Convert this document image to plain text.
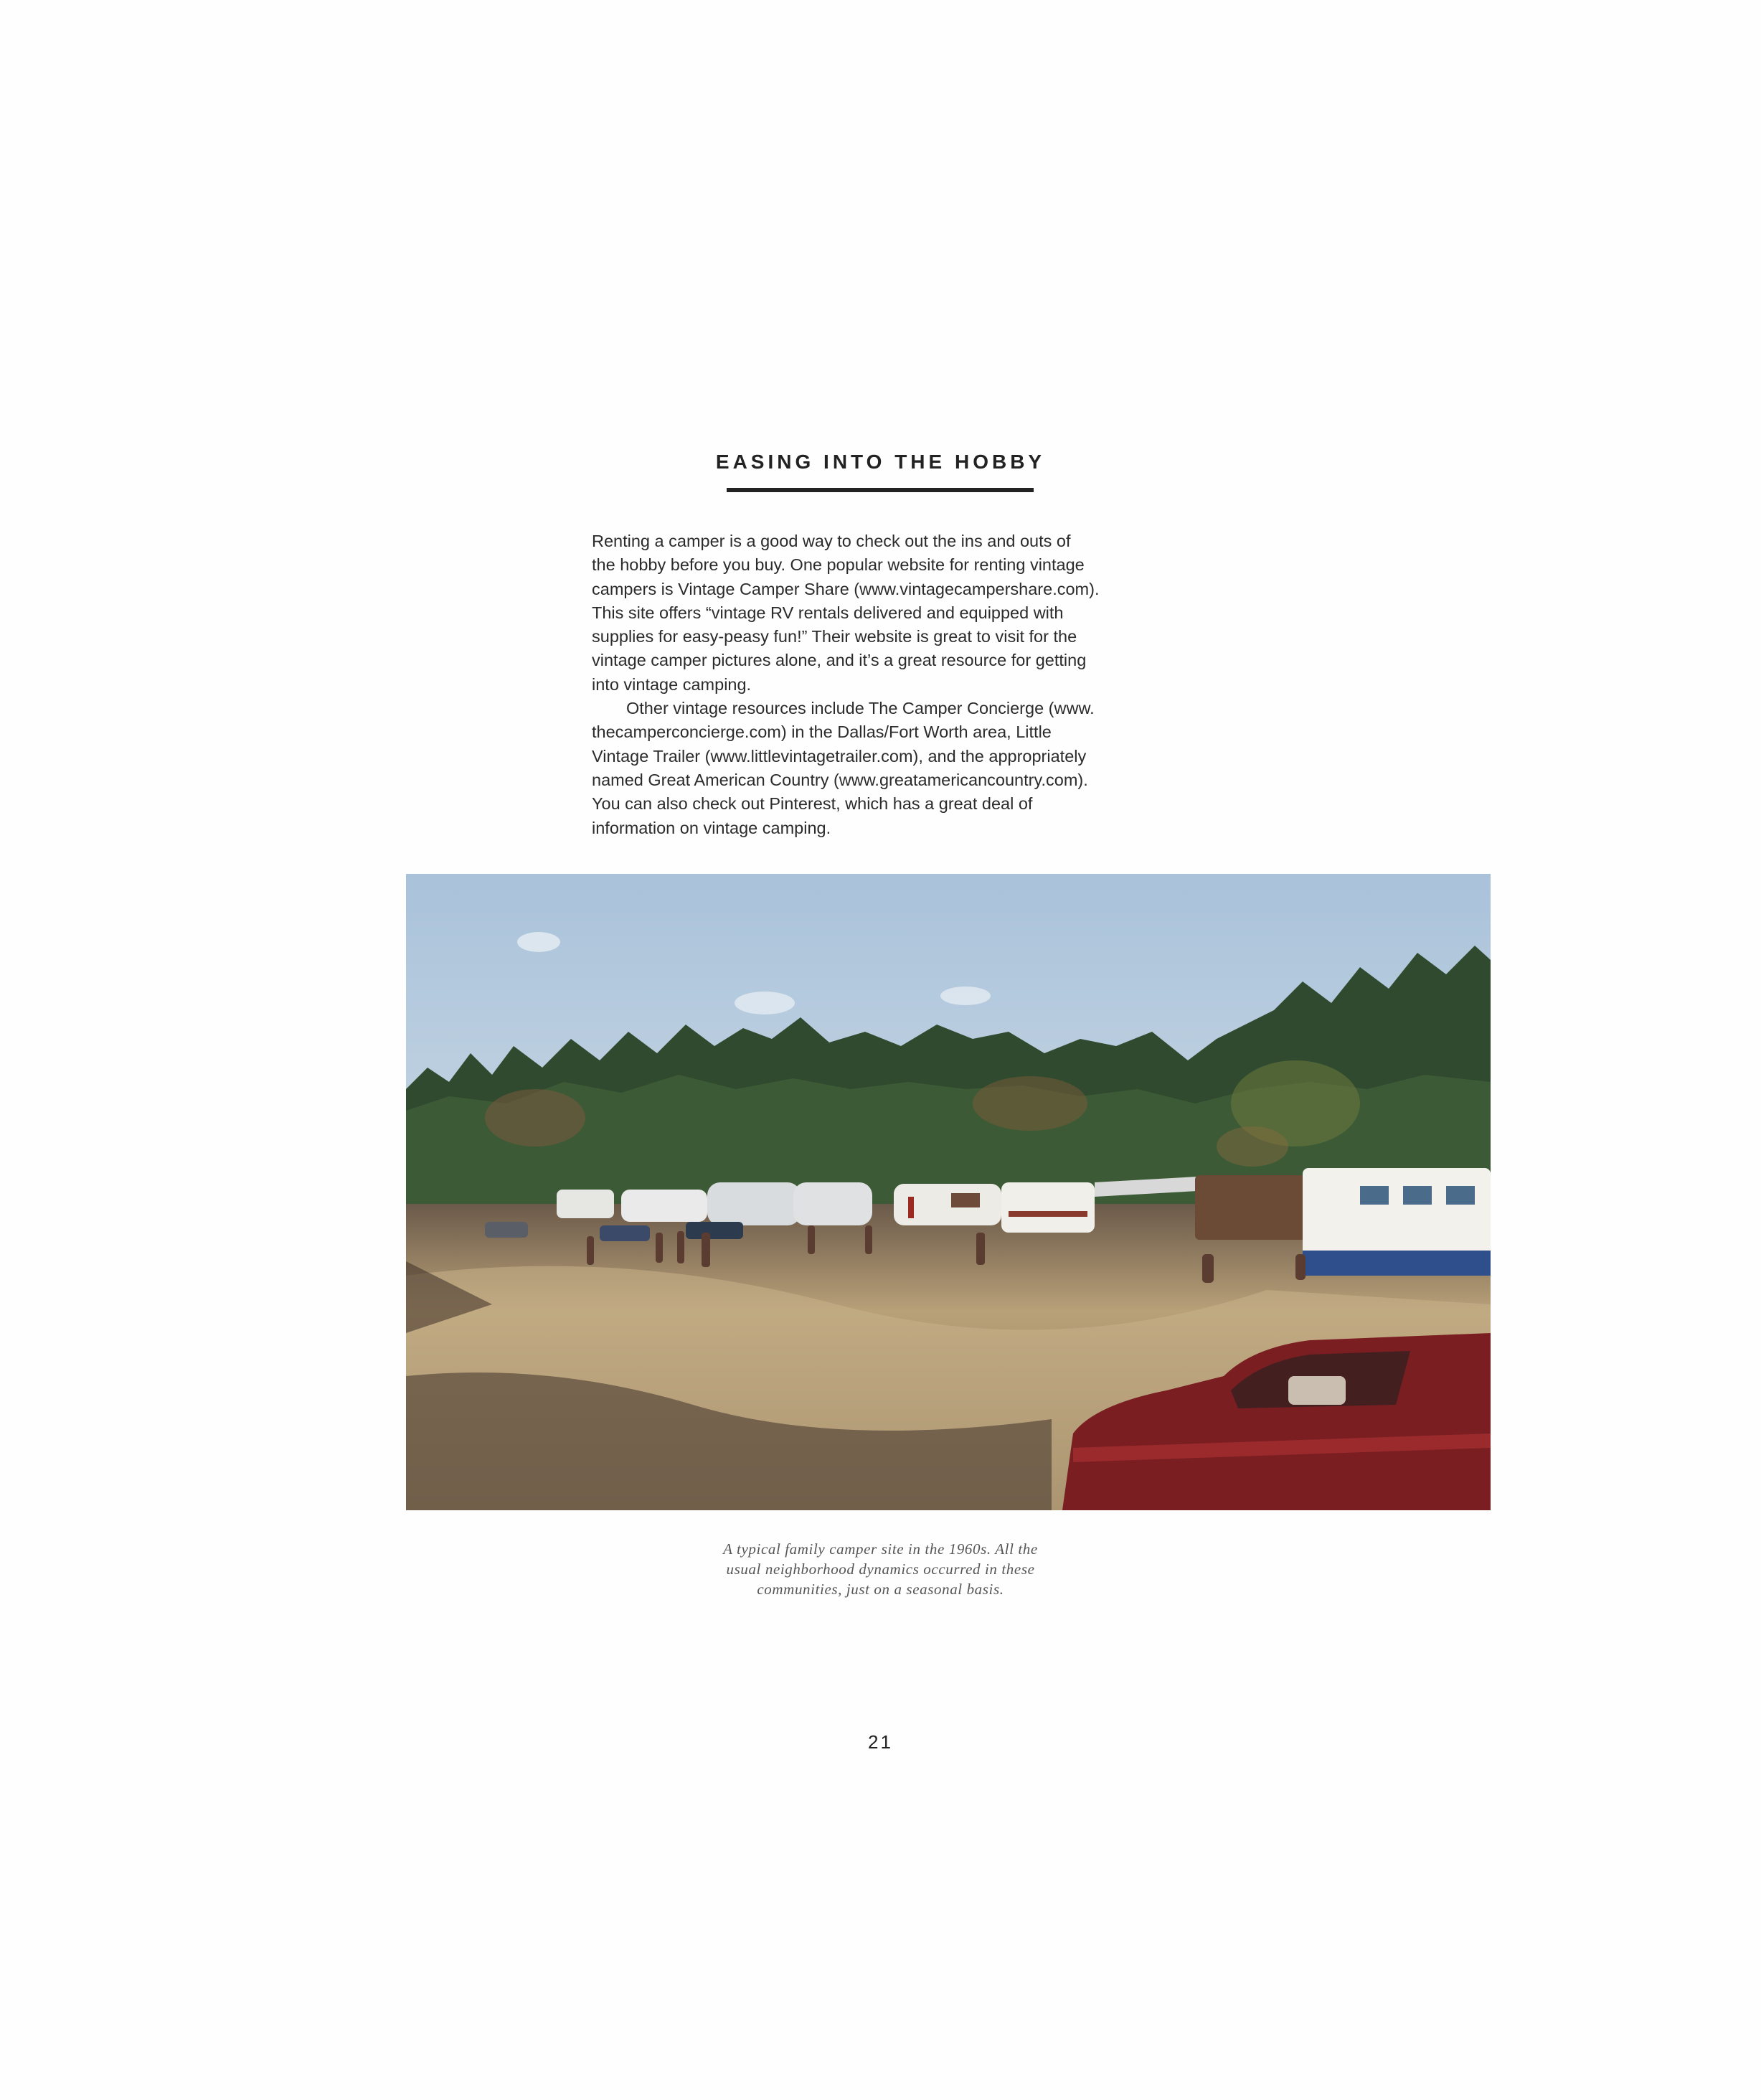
EASING INTO THE HOBBY
Renting a camper is a good way to check out the ins and outs of
the hobby before you buy. One popular website for renting vintage
campers is Vintage Camper Share (www.vintagecampershare.com).
This site offers “vintage RV rentals delivered and equipped with
supplies for easy-peasy fun!” Their website is great to visit for the
vintage camper pictures alone, and it’s a great resource for getting
into vintage camping.
Other vintage resources include The Camper Concierge (www.
thecamperconcierge.com) in the Dallas/Fort Worth area, Little
Vintage Trailer (www.littlevintagetrailer.com), and the appropriately
named Great American Country (www.greatamericancountry.com).
You can also check out Pinterest, which has a great deal of
information on vintage camping.
A typical family camper site in the 1960s. All the
usual neighborhood dynamics occurred in these
communities, just on a seasonal basis.
21
